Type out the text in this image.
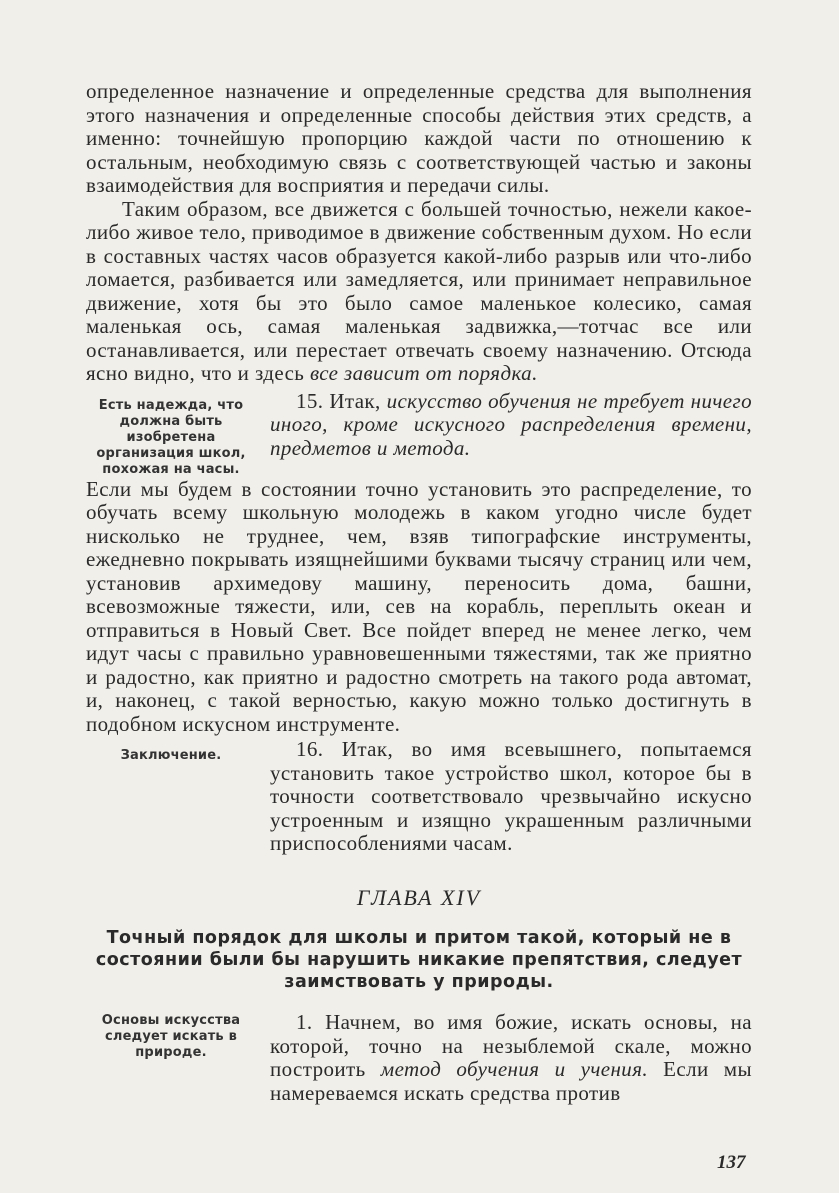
определенное назначение и определенные средства для выполнения этого назначения и определенные способы действия этих средств, а именно: точнейшую пропорцию каждой части по отношению к остальным, необходимую связь с соответствующей частью и законы взаимодействия для восприятия и передачи силы.

Таким образом, все движется с большей точностью, нежели какое-либо живое тело, приводимое в движение собственным духом. Но если в составных частях часов образуется какой-либо разрыв или что-либо ломается, разбивается или замедляется, или принимает неправильное движение, хотя бы это было самое маленькое колесико, самая маленькая ось, самая маленькая задвижка,—тотчас все или останавливается, или перестает отвечать своему назначению. Отсюда ясно видно, что и здесь все зависит от порядка.

Есть надежда, что должна быть изобретена организация школ, похожая на часы.
15. Итак, искусство обучения не требует ничего иного, кроме искусного распределения времени, предметов и метода.

Если мы будем в состоянии точно установить это распределение, то обучать всему школьную молодежь в каком угодно числе будет нисколько не труднее, чем, взяв типографские инструменты, ежедневно покрывать изящнейшими буквами тысячу страниц или чем, установив архимедову машину, переносить дома, башни, всевозможные тяжести, или, сев на корабль, переплыть океан и отправиться в Новый Свет. Все пойдет вперед не менее легко, чем идут часы с правильно уравновешенными тяжестями, так же приятно и радостно, как приятно и радостно смотреть на такого рода автомат, и, наконец, с такой верностью, какую можно только достигнуть в подобном искусном инструменте.

Заключение.	16. Итак, во имя всевышнего, попытаемся установить такое устройство школ, которое бы в точности соответствовало чрезвычайно искусно устроенным и изящно украшенным различными приспособлениями часам.
ГЛАВА XIV
Точный порядок для школы и притом такой, который не в состоянии были бы нарушить никакие препятствия, следует заимствовать у природы.
Основы искусства следует искать в природе.
1. Начнем, во имя божие, искать основы, на которой, точно на незыблемой скале, можно построить метод обучения и учения. Если мы намереваемся искать средства против
137
